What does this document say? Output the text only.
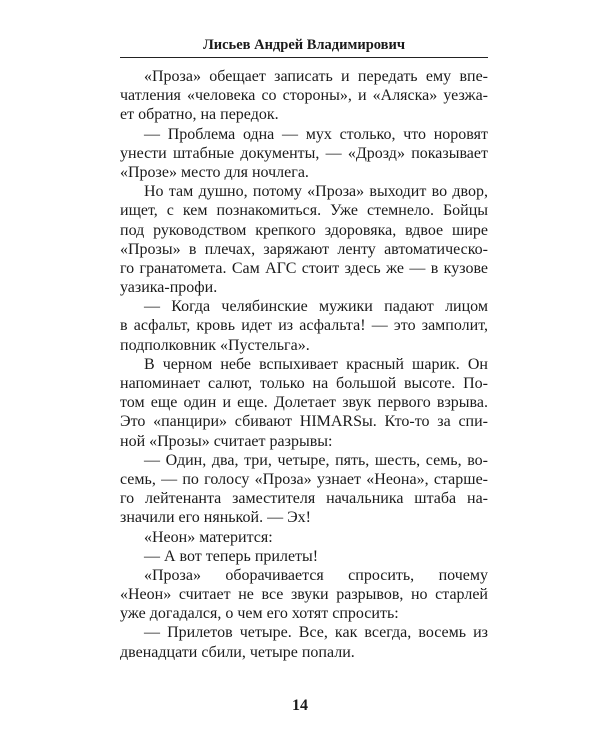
Лисьев Андрей Владимирович
«Проза» обещает записать и передать ему впе-
чатления «человека со стороны», и «Аляска» уезжа-
ет обратно, на передок.
— Проблема одна — мух столько, что норовят
унести штабные документы, — «Дрозд» показывает
«Прозе» место для ночлега.
Но там душно, потому «Проза» выходит во двор,
ищет, с кем познакомиться. Уже стемнело. Бойцы
под руководством крепкого здоровяка, вдвое шире
«Прозы» в плечах, заряжают ленту автоматическо-
го гранатомета. Сам АГС стоит здесь же — в кузове
уазика-профи.
— Когда челябинские мужики падают лицом
в асфальт, кровь идет из асфальта! — это замполит,
подполковник «Пустельга».
В черном небе вспыхивает красный шарик. Он
напоминает салют, только на большой высоте. По-
том еще один и еще. Долетает звук первого взрыва.
Это «панцири» сбивают HIMARSы. Кто-то за спи-
ной «Прозы» считает разрывы:
— Один, два, три, четыре, пять, шесть, семь, во-
семь, — по голосу «Проза» узнает «Неона», старше-
го лейтенанта заместителя начальника штаба на-
значили его нянькой. — Эх!
«Неон» матерится:
— А вот теперь прилеты!
«Проза» оборачивается спросить, почему
«Неон» считает не все звуки разрывов, но старлей
уже догадался, о чем его хотят спросить:
— Прилетов четыре. Все, как всегда, восемь из
двенадцати сбили, четыре попали.
14
